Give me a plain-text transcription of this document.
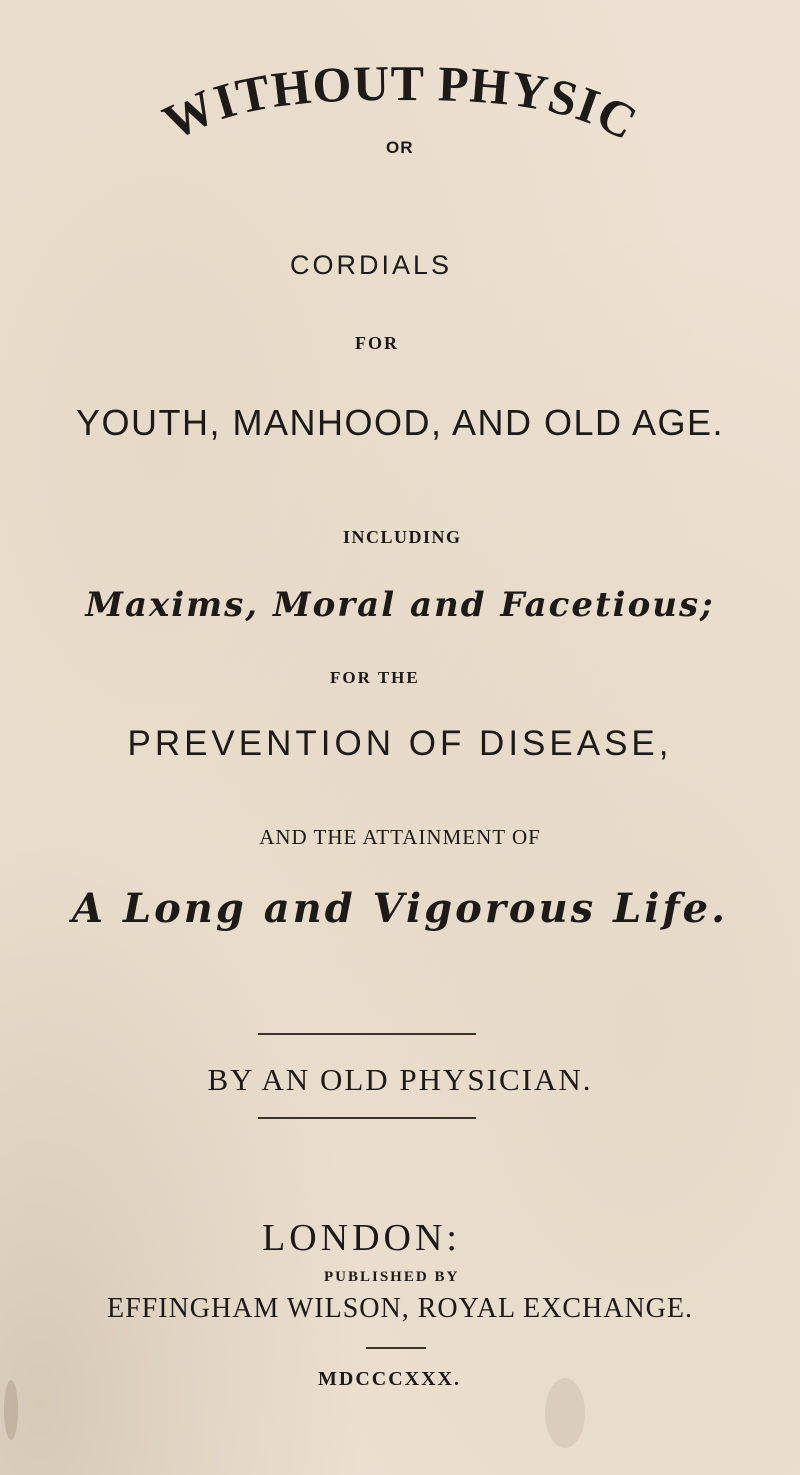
WITHOUT PHYSIC
OR
CORDIALS
FOR
YOUTH, MANHOOD, AND OLD AGE.
INCLUDING
Maxims, Moral and Facetious;
FOR THE
PREVENTION OF DISEASE,
AND THE ATTAINMENT OF
A Long and Vigorous Life.
BY AN OLD PHYSICIAN.
LONDON:
PUBLISHED BY
EFFINGHAM WILSON, ROYAL EXCHANGE.
MDCCCXXX.
